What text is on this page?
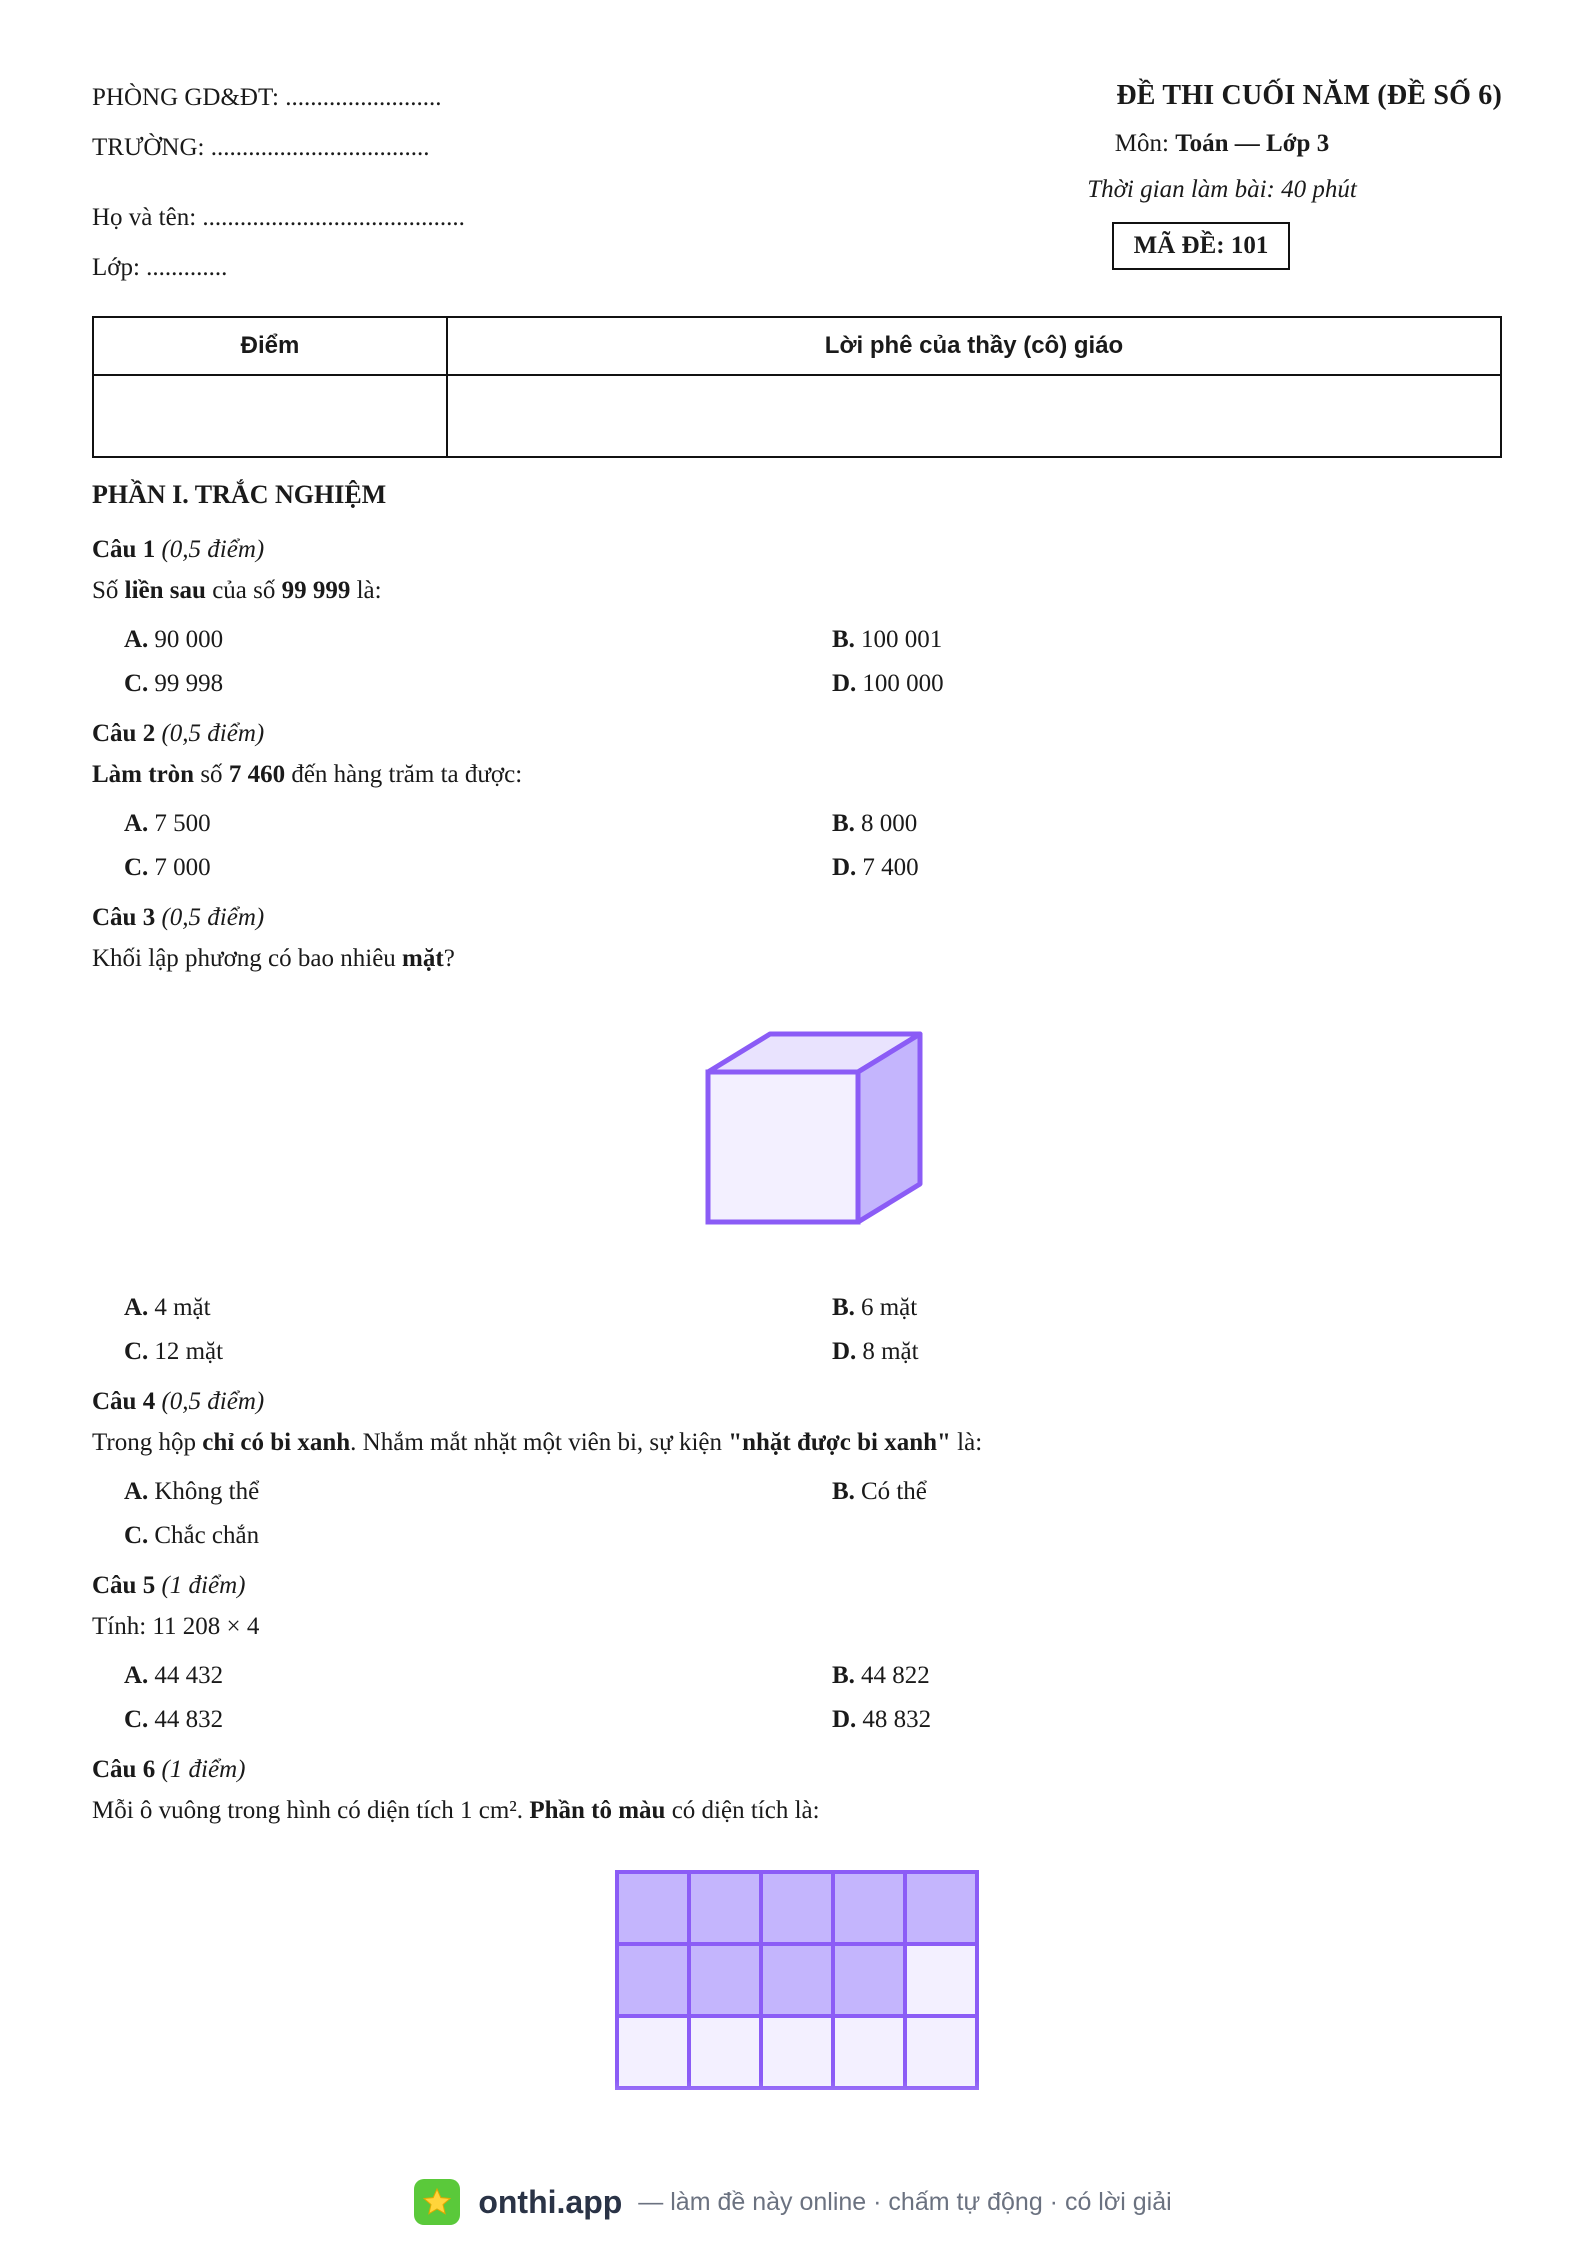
PHÒNG GD&ĐT: .........................
TRƯỜNG: ...................................
Họ và tên: ..........................................
Lớp: .............
ĐỀ THI CUỐI NĂM (ĐỀ SỐ 6)
Môn: Toán — Lớp 3
Thời gian làm bài: 40 phút
MÃ ĐỀ: 101
Điểm	Lời phê của thầy (cô) giáo

PHẦN I. TRẮC NGHIỆM
Câu 1 (0,5 điểm)
Số liền sau của số 99 999 là:
A. 90 000	B. 100 001
C. 99 998	D. 100 000
Câu 2 (0,5 điểm)
Làm tròn số 7 460 đến hàng trăm ta được:
A. 7 500	B. 8 000
C. 7 000	D. 7 400
Câu 3 (0,5 điểm)
Khối lập phương có bao nhiêu mặt?
A. 4 mặt	B. 6 mặt
C. 12 mặt	D. 8 mặt
Câu 4 (0,5 điểm)
Trong hộp chỉ có bi xanh. Nhắm mắt nhặt một viên bi, sự kiện "nhặt được bi xanh" là:
A. Không thể	B. Có thể
C. Chắc chắn
Câu 5 (1 điểm)
Tính: 11 208 × 4
A. 44 432	B. 44 822
C. 44 832	D. 48 832
Câu 6 (1 điểm)
Mỗi ô vuông trong hình có diện tích 1 cm². Phần tô màu có diện tích là:
onthi.app — làm đề này online · chấm tự động · có lời giải
